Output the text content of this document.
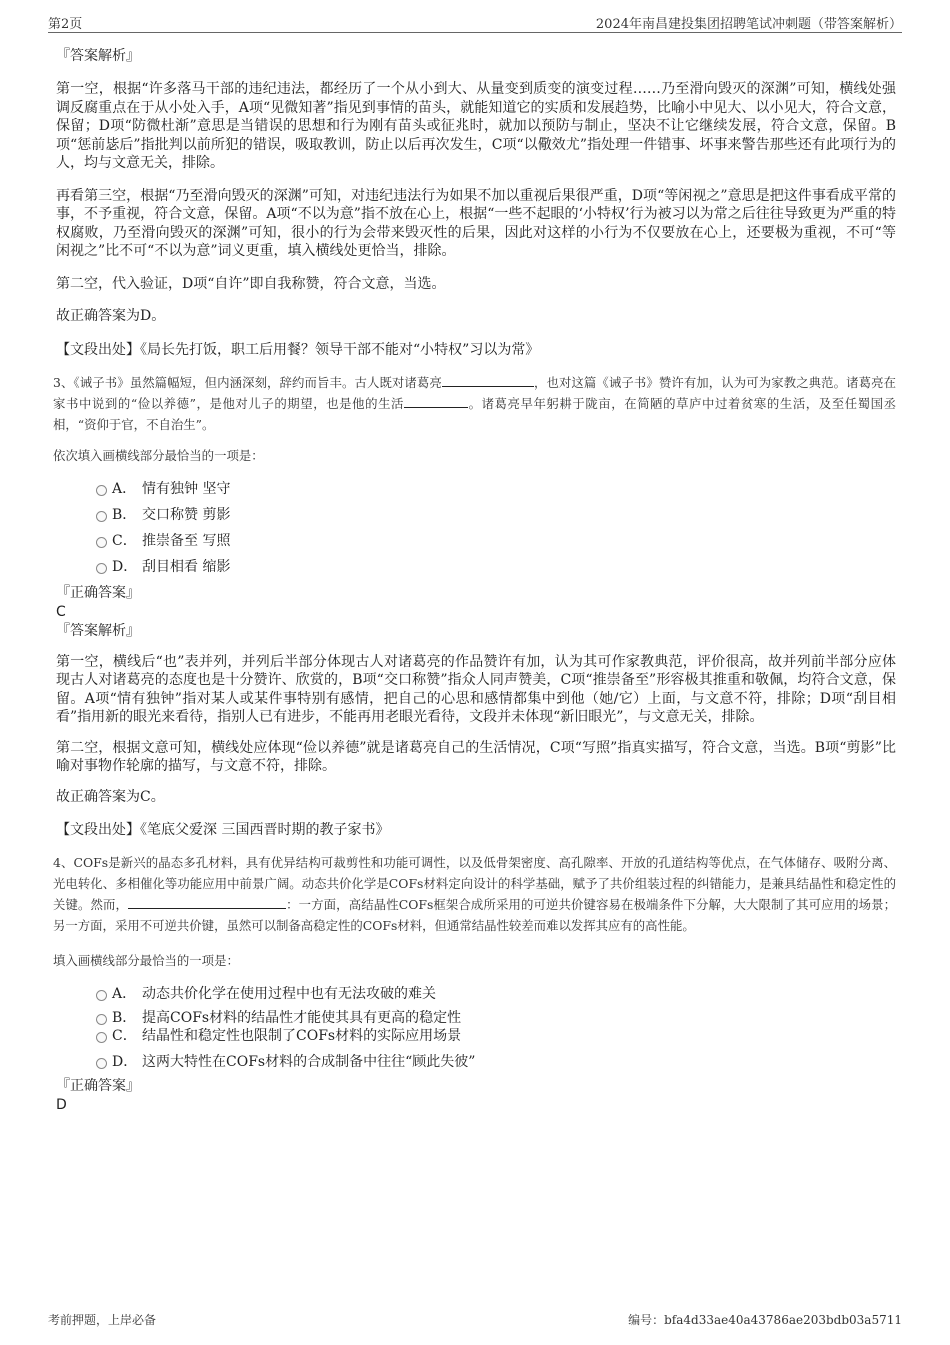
第2页	2024年南昌建投集团招聘笔试冲刺题（带答案解析）

『答案解析』

第一空，根据“许多落马干部的违纪违法，都经历了一个从小到大、从量变到质变的演变过程……乃至滑向毁灭的深渊”可知，横线处强调反腐重点在于从小处入手，A项“见微知著”指见到事情的苗头，就能知道它的实质和发展趋势，比喻小中见大、以小见大，符合文意，保留；D项“防微杜渐”意思是当错误的思想和行为刚有苗头或征兆时，就加以预防与制止，坚决不让它继续发展，符合文意，保留。B项“惩前毖后”指批判以前所犯的错误，吸取教训，防止以后再次发生，C项“以儆效尤”指处理一件错事、坏事来警告那些还有此项行为的人，均与文意无关，排除。

再看第三空，根据“乃至滑向毁灭的深渊”可知，对违纪违法行为如果不加以重视后果很严重，D项“等闲视之”意思是把这件事看成平常的事，不予重视，符合文意，保留。A项“不以为意”指不放在心上，根据“一些不起眼的‘小特权’行为被习以为常之后往往导致更为严重的特权腐败，乃至滑向毁灭的深渊”可知，很小的行为会带来毁灭性的后果，因此对这样的小行为不仅要放在心上，还要极为重视，不可“等闲视之”比不可“不以为意”词义更重，填入横线处更恰当，排除。

第二空，代入验证，D项“自许”即自我称赞，符合文意，当选。

故正确答案为D。

【文段出处】《局长先打饭，职工后用餐？领导干部不能对“小特权”习以为常》

3、《诫子书》虽然篇幅短，但内涵深刻，辞约而旨丰。古人既对诸葛亮	，也对这篇《诫子书》赞许有加，认为可为家教之典范。诸葛亮在家书中说到的“俭以养德”，是他对儿子的期望，也是他的生活	。诸葛亮早年躬耕于陇亩，在简陋的草庐中过着贫寒的生活，及至任蜀国丞相，“资仰于官，不自治生”。

依次填入画横线部分最恰当的一项是：

A． 情有独钟 坚守
B． 交口称赞 剪影
C． 推崇备至 写照
D． 刮目相看 缩影

『正确答案』

C

『答案解析』

第一空，横线后“也”表并列，并列后半部分体现古人对诸葛亮的作品赞许有加，认为其可作家教典范，评价很高，故并列前半部分应体现古人对诸葛亮的态度也是十分赞许、欣赏的，B项“交口称赞”指众人同声赞美，C项“推崇备至”形容极其推重和敬佩，均符合文意，保留。A项“情有独钟”指对某人或某件事特别有感情，把自己的心思和感情都集中到他（她/它）上面，与文意不符，排除；D项“刮目相看”指用新的眼光来看待，指别人已有进步，不能再用老眼光看待，文段并未体现“新旧眼光”，与文意无关，排除。

第二空，根据文意可知，横线处应体现“俭以养德”就是诸葛亮自己的生活情况，C项“写照”指真实描写，符合文意，当选。B项“剪影”比喻对事物作轮廓的描写，与文意不符，排除。

故正确答案为C。

【文段出处】《笔底父爱深 三国西晋时期的教子家书》

4、COFs是新兴的晶态多孔材料，具有优异结构可裁剪性和功能可调性，以及低骨架密度、高孔隙率、开放的孔道结构等优点，在气体储存、吸附分离、光电转化、多相催化等功能应用中前景广阔。动态共价化学是COFs材料定向设计的科学基础，赋予了共价组装过程的纠错能力，是兼具结晶性和稳定性的关键。然而，	：一方面，高结晶性COFs框架合成所采用的可逆共价键容易在极端条件下分解，大大限制了其可应用的场景；另一方面，采用不可逆共价键，虽然可以制备高稳定性的COFs材料，但通常结晶性较差而难以发挥其应有的高性能。

填入画横线部分最恰当的一项是：

A． 动态共价化学在使用过程中也有无法攻破的难关
B． 提高COFs材料的结晶性才能使其具有更高的稳定性
C． 结晶性和稳定性也限制了COFs材料的实际应用场景
D． 这两大特性在COFs材料的合成制备中往往“顾此失彼”

『正确答案』

D

考前押题，上岸必备	编号：bfa4d33ae40a43786ae203bdb03a5711
